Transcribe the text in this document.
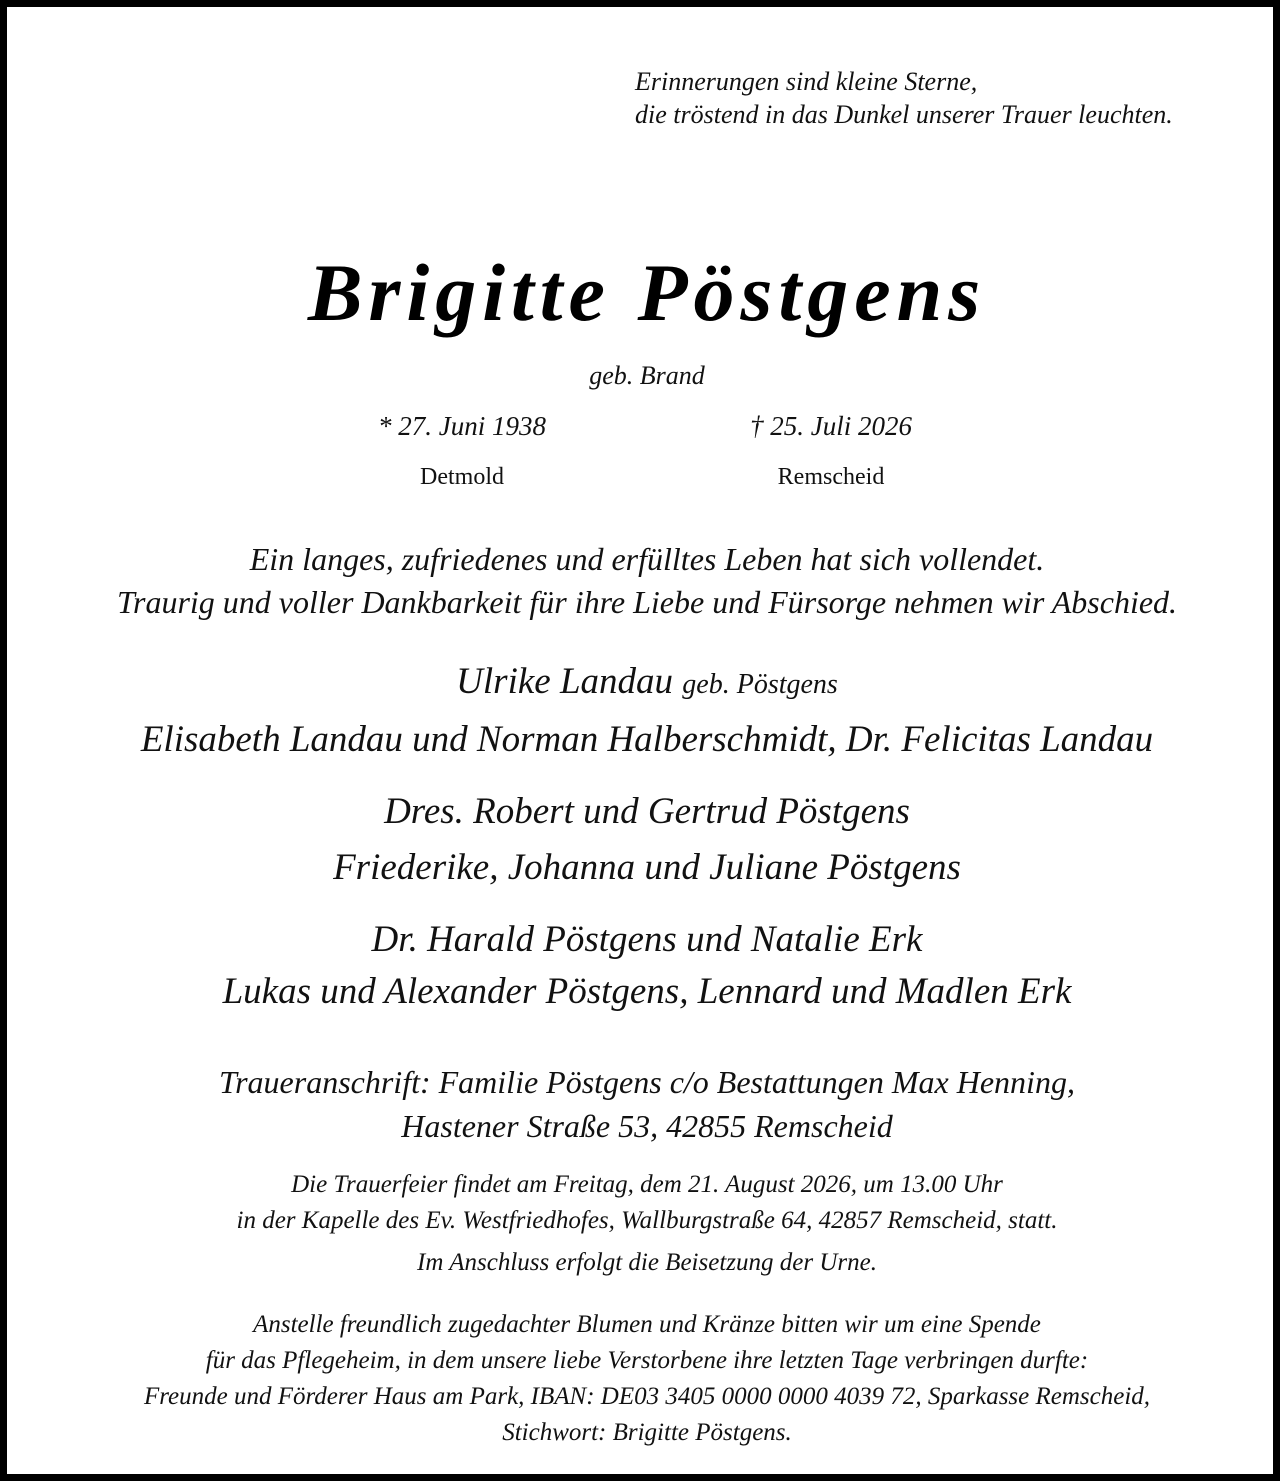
Erinnerungen sind kleine Sterne,
die tröstend in das Dunkel unserer Trauer leuchten.
Brigitte Pöstgens
geb. Brand
* 27. Juni 1938	† 25. Juli 2026
Detmold	Remscheid
Ein langes, zufriedenes und erfülltes Leben hat sich vollendet.
Traurig und voller Dankbarkeit für ihre Liebe und Fürsorge nehmen wir Abschied.
Ulrike Landau geb. Pöstgens
Elisabeth Landau und Norman Halberschmidt, Dr. Felicitas Landau
Dres. Robert und Gertrud Pöstgens
Friederike, Johanna und Juliane Pöstgens
Dr. Harald Pöstgens und Natalie Erk
Lukas und Alexander Pöstgens, Lennard und Madlen Erk
Traueranschrift: Familie Pöstgens c/o Bestattungen Max Henning,
Hastener Straße 53, 42855 Remscheid
Die Trauerfeier findet am Freitag, dem 21. August 2026, um 13.00 Uhr
in der Kapelle des Ev. Westfriedhofes, Wallburgstraße 64, 42857 Remscheid, statt.
Im Anschluss erfolgt die Beisetzung der Urne.
Anstelle freundlich zugedachter Blumen und Kränze bitten wir um eine Spende
für das Pflegeheim, in dem unsere liebe Verstorbene ihre letzten Tage verbringen durfte:
Freunde und Förderer Haus am Park, IBAN: DE03 3405 0000 0000 4039 72, Sparkasse Remscheid,
Stichwort: Brigitte Pöstgens.
